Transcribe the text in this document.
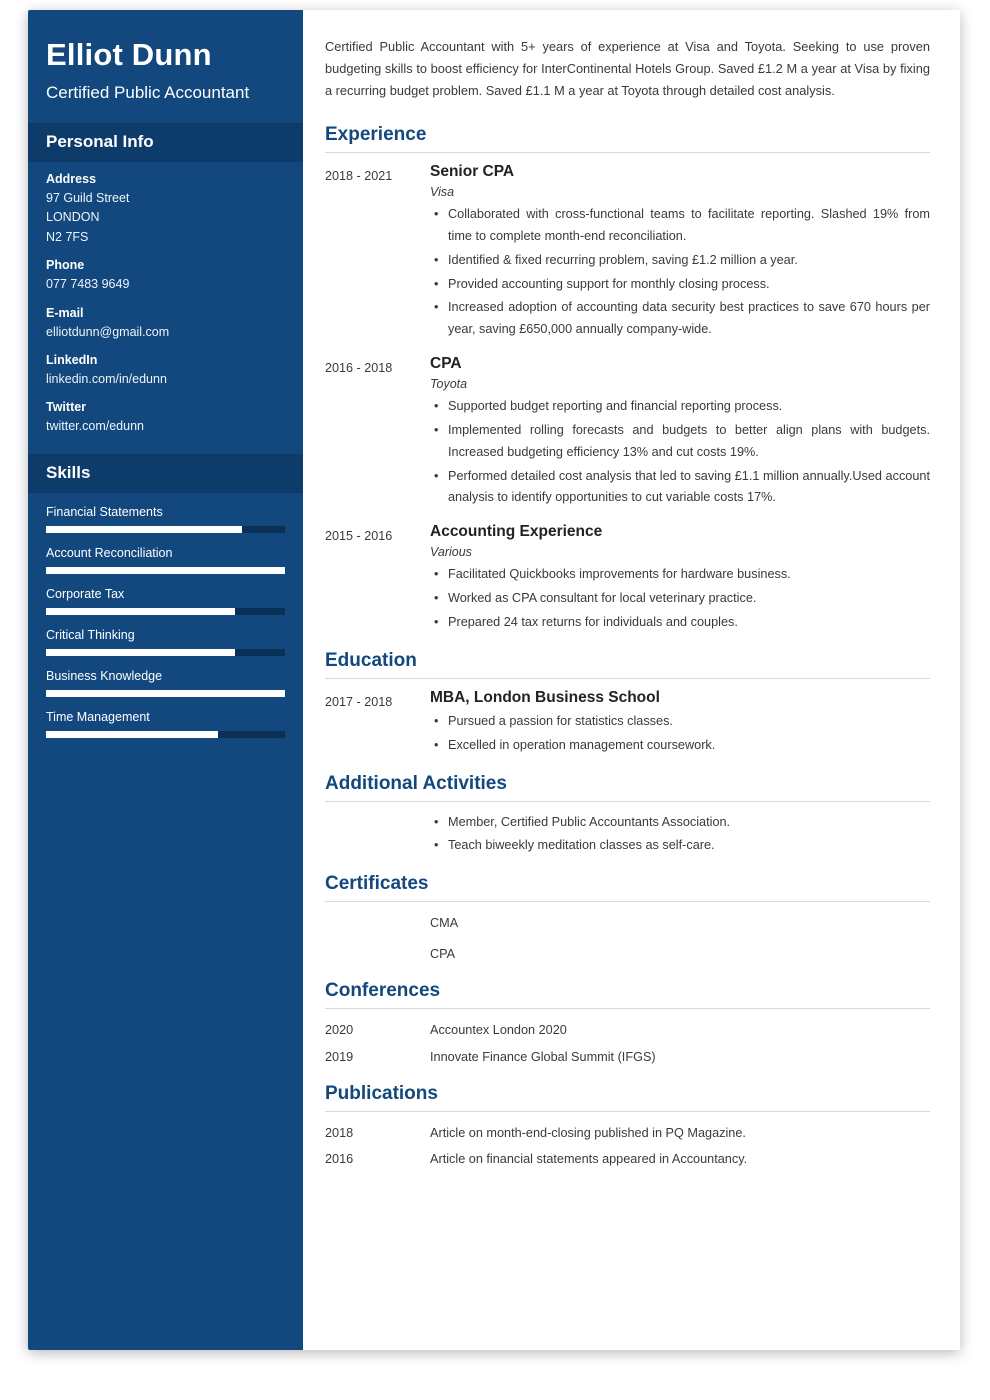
Elliot Dunn
Certified Public Accountant
Personal Info
Address
97 Guild Street
LONDON
N2 7FS
Phone
077 7483 9649
E-mail
elliotdunn@gmail.com
LinkedIn
linkedin.com/in/edunn
Twitter
twitter.com/edunn
Skills
Financial Statements
Account Reconciliation
Corporate Tax
Critical Thinking
Business Knowledge
Time Management

Certified Public Accountant with 5+ years of experience at Visa and Toyota. Seeking to use proven budgeting skills to boost efficiency for InterContinental Hotels Group. Saved £1.2 M a year at Visa by fixing a recurring budget problem. Saved £1.1 M a year at Toyota through detailed cost analysis.

Experience
2018 - 2021	Senior CPA
Visa
• Collaborated with cross-functional teams to facilitate reporting. Slashed 19% from time to complete month-end reconciliation.
• Identified & fixed recurring problem, saving £1.2 million a year.
• Provided accounting support for monthly closing process.
• Increased adoption of accounting data security best practices to save 670 hours per year, saving £650,000 annually company-wide.
2016 - 2018	CPA
Toyota
• Supported budget reporting and financial reporting process.
• Implemented rolling forecasts and budgets to better align plans with budgets. Increased budgeting efficiency 13% and cut costs 19%.
• Performed detailed cost analysis that led to saving £1.1 million annually.Used account analysis to identify opportunities to cut variable costs 17%.
2015 - 2016	Accounting Experience
Various
• Facilitated Quickbooks improvements for hardware business.
• Worked as CPA consultant for local veterinary practice.
• Prepared 24 tax returns for individuals and couples.
Education
2017 - 2018	MBA, London Business School
• Pursued a passion for statistics classes.
• Excelled in operation management coursework.
Additional Activities
• Member, Certified Public Accountants Association.
• Teach biweekly meditation classes as self-care.
Certificates
CMA
CPA
Conferences
2020	Accountex London 2020
2019	Innovate Finance Global Summit (IFGS)
Publications
2018	Article on month-end-closing published in PQ Magazine.
2016	Article on financial statements appeared in Accountancy.
